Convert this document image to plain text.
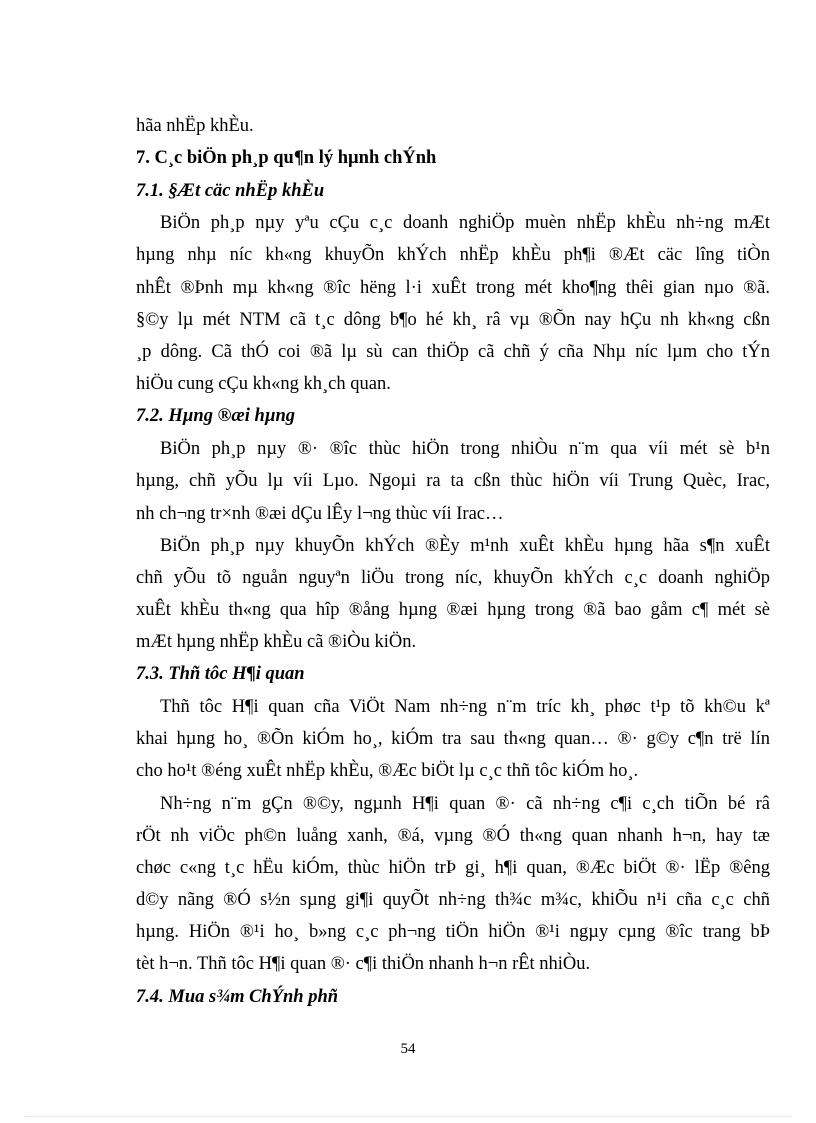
hãa nhËp khÈu.

7. C¸c biÖn ph¸p qu¶n lý hµnh chÝnh

7.1. §Æt cäc nhËp khÈu

BiÖn ph¸p nµy yªu cÇu c¸c doanh nghiÖp muèn nhËp khÈu nh÷ng mÆt

hµng nhµ níc kh«ng khuyÕn khÝch nhËp khÈu ph¶i ®Æt cäc lîng tiÒn

nhÊt ®Þnh mµ kh«ng ®îc hëng l·i xuÊt trong mét kho¶ng thêi gian nµo ®ã.

§©y lµ mét NTM cã t¸c dông b¶o hé kh¸ râ vµ ®Õn nay hÇu nh kh«ng cßn

¸p dông. Cã thÓ coi ®ã lµ sù can thiÖp cã chñ ý cña Nhµ níc lµm cho tÝn

hiÖu cung cÇu kh«ng kh¸ch quan.

7.2. Hµng ®æi hµng

BiÖn ph¸p nµy ®· ®îc thùc hiÖn trong nhiÒu n¨m qua víi mét sè b¹n

hµng, chñ yÕu lµ víi Lµo. Ngoµi ra ta cßn thùc hiÖn víi Trung Quèc, Irac,

nh ch¬ng tr×nh ®æi dÇu lÊy l¬ng thùc víi Irac…

BiÖn ph¸p nµy khuyÕn khÝch ®Èy m¹nh xuÊt khÈu hµng hãa s¶n xuÊt

chñ yÕu tõ nguån nguyªn liÖu trong níc, khuyÕn khÝch c¸c doanh nghiÖp

xuÊt khÈu th«ng qua hîp ®ång hµng ®æi hµng trong ®ã bao gåm c¶ mét sè

mÆt hµng nhËp khÈu cã ®iÒu kiÖn.

7.3. Thñ tôc H¶i quan

Thñ tôc H¶i quan cña ViÖt Nam nh÷ng n¨m tríc kh¸ phøc t¹p tõ kh©u kª

khai hµng ho¸ ®Õn kiÓm ho¸, kiÓm tra sau th«ng quan… ®· g©y c¶n trë lín

cho ho¹t ®éng xuÊt nhËp khÈu, ®Æc biÖt lµ c¸c thñ tôc kiÓm ho¸.

Nh÷ng n¨m gÇn ®©y, ngµnh H¶i quan ®· cã nh÷ng c¶i c¸ch tiÕn bé râ

rÖt nh viÖc ph©n luång xanh, ®á, vµng ®Ó th«ng quan nhanh h¬n, hay tæ

chøc c«ng t¸c hËu kiÓm, thùc hiÖn trÞ gi¸ h¶i quan, ®Æc biÖt ®· lËp ®êng

d©y nãng ®Ó s½n sµng gi¶i quyÕt nh÷ng th¾c m¾c, khiÕu n¹i cña c¸c chñ

hµng. HiÖn ®¹i ho¸ b»ng c¸c ph¬ng tiÖn hiÖn ®¹i ngµy cµng ®îc trang bÞ

tèt h¬n. Thñ tôc H¶i quan ®· c¶i thiÖn nhanh h¬n rÊt nhiÒu.

7.4. Mua s¾m ChÝnh phñ

54
